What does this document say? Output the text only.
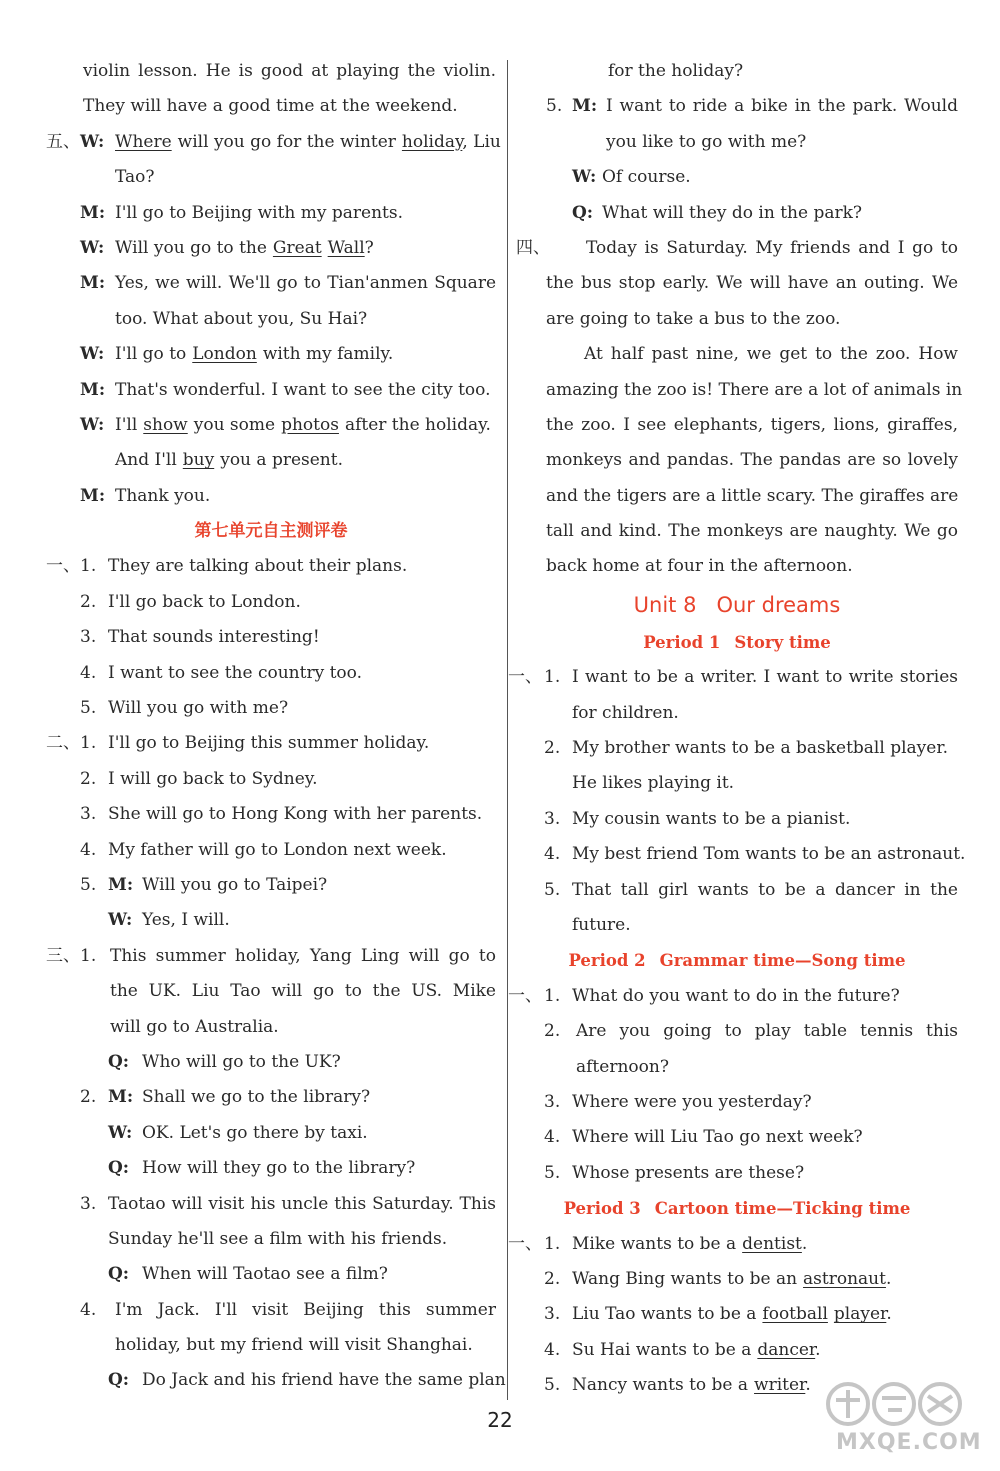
violin lesson. He is good at playing the violin.
They will have a good time at the weekend.
五、 W: Where will you go for the winter holiday, Liu
Tao?
M: I'll go to Beijing with my parents.
W: Will you go to the Great Wall?
M: Yes, we will. We'll go to Tian'anmen Square
too. What about you, Su Hai?
W: I'll go to London with my family.
M: That's wonderful. I want to see the city too.
W: I'll show you some photos after the holiday.
And I'll buy you a present.
M: Thank you.
第七单元自主测评卷
一、 1. They are talking about their plans.
2. I'll go back to London.
3. That sounds interesting!
4. I want to see the country too.
5. Will you go with me?
二、 1. I'll go to Beijing this summer holiday.
2. I will go back to Sydney.
3. She will go to Hong Kong with her parents.
4. My father will go to London next week.
5. M: Will you go to Taipei?
W: Yes, I will.
三、 1. This summer holiday, Yang Ling will go to
the UK. Liu Tao will go to the US. Mike
will go to Australia.
Q: Who will go to the UK?
2. M: Shall we go to the library?
W: OK. Let's go there by taxi.
Q: How will they go to the library?
3. Taotao will visit his uncle this Saturday. This
Sunday he'll see a film with his friends.
Q: When will Taotao see a film?
4. I'm Jack. I'll visit Beijing this summer
holiday, but my friend will visit Shanghai.
Q: Do Jack and his friend have the same plan
for the holiday?
5. M: I want to ride a bike in the park. Would
you like to go with me?
W: Of course.
Q: What will they do in the park?
四、 Today is Saturday. My friends and I go to
the bus stop early. We will have an outing. We
are going to take a bus to the zoo.
At half past nine, we get to the zoo. How
amazing the zoo is! There are a lot of animals in
the zoo. I see elephants, tigers, lions, giraffes,
monkeys and pandas. The pandas are so lovely
and the tigers are a little scary. The giraffes are
tall and kind. The monkeys are naughty. We go
back home at four in the afternoon.
Unit 8 Our dreams
Period 1 Story time
一、 1. I want to be a writer. I want to write stories
for children.
2. My brother wants to be a basketball player.
He likes playing it.
3. My cousin wants to be a pianist.
4. My best friend Tom wants to be an astronaut.
5. That tall girl wants to be a dancer in the
future.
Period 2 Grammar time—Song time
一、 1. What do you want to do in the future?
2. Are you going to play table tennis this
afternoon?
3. Where were you yesterday?
4. Where will Liu Tao go next week?
5. Whose presents are these?
Period 3 Cartoon time—Ticking time
一、 1. Mike wants to be a dentist.
2. Wang Bing wants to be an astronaut.
3. Liu Tao wants to be a football player.
4. Su Hai wants to be a dancer.
5. Nancy wants to be a writer.
22
MXQE.COM
